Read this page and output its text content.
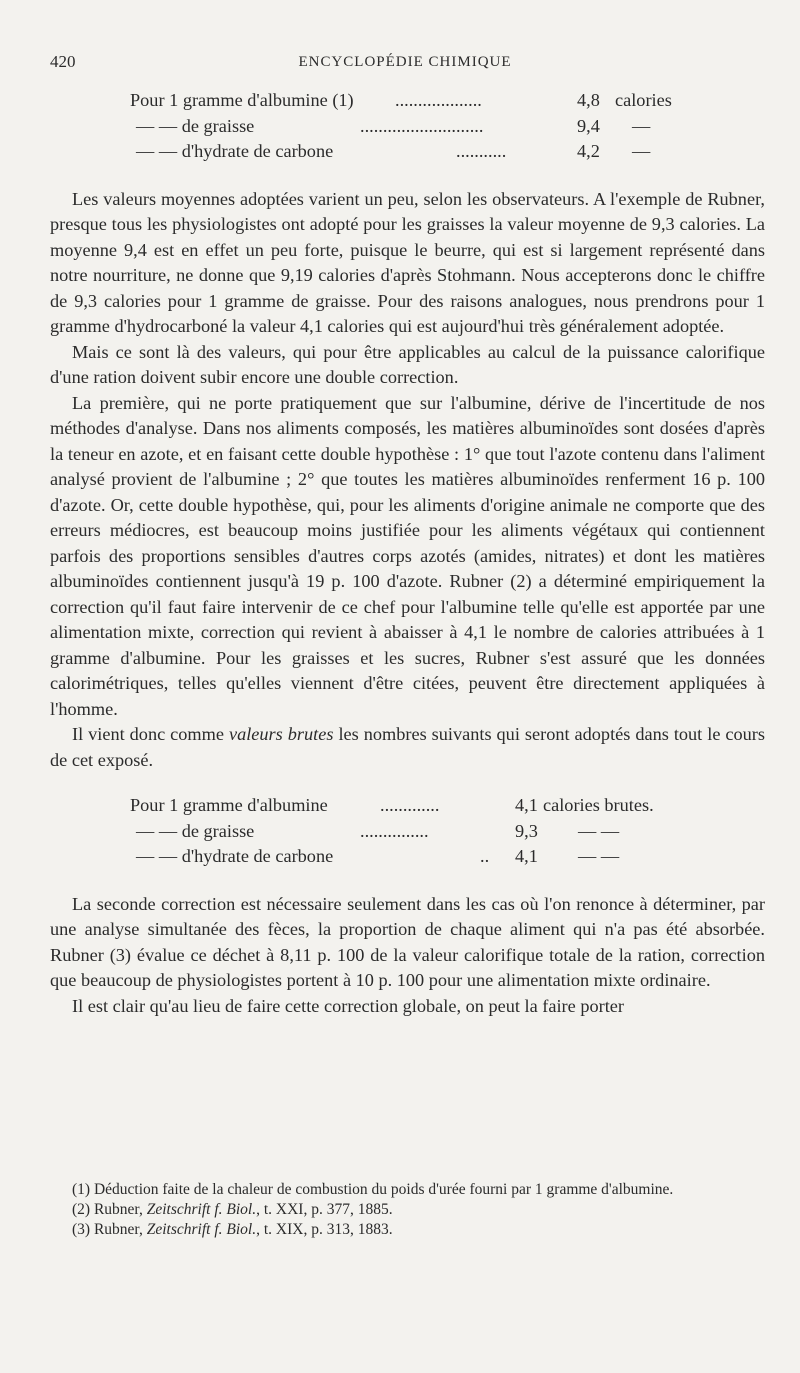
420	ENCYCLOPÉDIE CHIMIQUE
Pour 1 gramme d'albumine (1) ...................	4,8 calories
— — de graisse	...........................	9,4 —
— — d'hydrate de carbone	...........	4,2 —

Les valeurs moyennes adoptées varient un peu, selon les observateurs. A l'exemple de Rubner, presque tous les physiologistes ont adopté pour les graisses la valeur moyenne de 9,3 calories. La moyenne 9,4 est en effet un peu forte, puisque le beurre, qui est si largement représenté dans notre nourriture, ne donne que 9,19 calories d'après Stohmann. Nous accepterons donc le chiffre de 9,3 calories pour 1 gramme de graisse. Pour des raisons analogues, nous prendrons pour 1 gramme d'hydrocarboné la valeur 4,1 calories qui est aujourd'hui très généralement adoptée.

Mais ce sont là des valeurs, qui pour être applicables au calcul de la puissance calorifique d'une ration doivent subir encore une double correction.

La première, qui ne porte pratiquement que sur l'albumine, dérive de l'incertitude de nos méthodes d'analyse. Dans nos aliments composés, les matières albuminoïdes sont dosées d'après la teneur en azote, et en faisant cette double hypothèse : 1° que tout l'azote contenu dans l'aliment analysé provient de l'albumine ; 2° que toutes les matières albuminoïdes renferment 16 p. 100 d'azote. Or, cette double hypothèse, qui, pour les aliments d'origine animale ne comporte que des erreurs médiocres, est beaucoup moins justifiée pour les aliments végétaux qui contiennent parfois des proportions sensibles d'autres corps azotés (amides, nitrates) et dont les matières albuminoïdes contiennent jusqu'à 19 p. 100 d'azote. Rubner (2) a déterminé empiriquement la correction qu'il faut faire intervenir de ce chef pour l'albumine telle qu'elle est apportée par une alimentation mixte, correction qui revient à abaisser à 4,1 le nombre de calories attribuées à 1 gramme d'albumine. Pour les graisses et les sucres, Rubner s'est assuré que les données calorimétriques, telles qu'elles viennent d'être citées, peuvent être directement appliquées à l'homme.

Il vient donc comme valeurs brutes les nombres suivants qui seront adoptés dans tout le cours de cet exposé.

Pour 1 gramme d'albumine	.............	4,1 calories brutes.
— — de graisse	...............	9,3 — —
— — d'hydrate de carbone	.. 4,1 — —

La seconde correction est nécessaire seulement dans les cas où l'on renonce à déterminer, par une analyse simultanée des fèces, la proportion de chaque aliment qui n'a pas été absorbée. Rubner (3) évalue ce déchet à 8,11 p. 100 de la valeur calorifique totale de la ration, correction que beaucoup de physiologistes portent à 10 p. 100 pour une alimentation mixte ordinaire.

Il est clair qu'au lieu de faire cette correction globale, on peut la faire porter

(1) Déduction faite de la chaleur de combustion du poids d'urée fourni par 1 gramme d'albumine.
(2) Rubner, Zeitschrift f. Biol., t. XXI, p. 377, 1885.
(3) Rubner, Zeitschrift f. Biol., t. XIX, p. 313, 1883.
